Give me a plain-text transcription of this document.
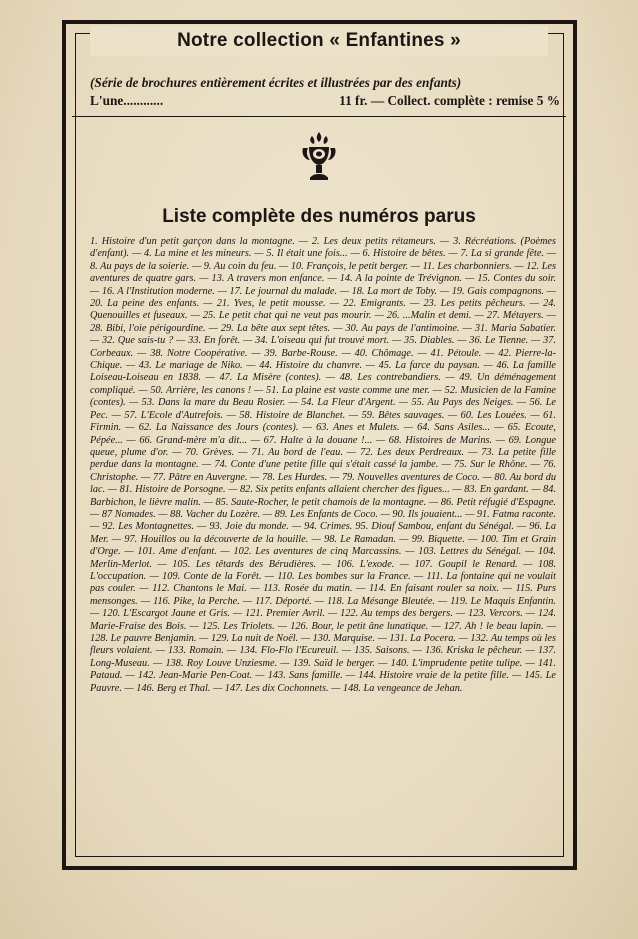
Notre collection « Enfantines »
(Série de brochures entièrement écrites et illustrées par des enfants)
L'une............	11 fr. — Collect. complète : remise 5 %
Liste complète des numéros parus
1. Histoire d'un petit garçon dans la montagne. — 2. Les deux petits rétameurs. — 3. Récréations. (Poèmes d'enfant). — 4. La mine et les mineurs. — 5. Il était une fois... — 6. Histoire de bêtes. — 7. La si grande fête. — 8. Au pays de la soierie. — 9. Au coin du feu. — 10. François, le petit berger. — 11. Les charbonniers. — 12. Les aventures de quatre gars. — 13. A travers mon enfance. — 14. A la pointe de Trévignon. — 15. Contes du soir. — 16. A l'Institution moderne. — 17. Le journal du malade. — 18. La mort de Toby. — 19. Gais compagnons. — 20. La peine des enfants. — 21. Yves, le petit mousse. — 22. Emigrants. — 23. Les petits pêcheurs. — 24. Quenouilles et fuseaux. — 25. Le petit chat qui ne veut pas mourir. — 26. ...Malin et demi. — 27. Métayers. — 28. Bibi, l'oie périgourdine. — 29. La bête aux sept têtes. — 30. Au pays de l'antimoine. — 31. Maria Sabatier. — 32. Que sais-tu ? — 33. En forêt. — 34. L'oiseau qui fut trouvé mort. — 35. Diables. — 36. Le Tienne. — 37. Corbeaux. — 38. Notre Coopérative. — 39. Barbe-Rouse. — 40. Chômage. — 41. Pétoule. — 42. Pierre-la-Chique. — 43. Le mariage de Niko. — 44. Histoire du chanvre. — 45. La farce du paysan. — 46. La famille Loiseau-Loiseau en 1838. — 47. La Misère (contes). — 48. Les contrebandiers. — 49. Un déménagement compliqué. — 50. Arrière, les canons ! — 51. La plaine est vaste comme une mer. — 52. Musicien de la Famine (contes). — 53. Dans la mare du Beau Rosier. — 54. La Fleur d'Argent. — 55. Au Pays des Neiges. — 56. Le Pec. — 57. L'Ecole d'Autrefois. — 58. Histoire de Blanchet. — 59. Bêtes sauvages. — 60. Les Louées. — 61. Firmin. — 62. La Naissance des Jours (contes). — 63. Anes et Mulets. — 64. Sans Asiles... — 65. Ecoute, Pépée... — 66. Grand-mère m'a dit... — 67. Halte à la douane !... — 68. Histoires de Marins. — 69. Longue queue, plume d'or. — 70. Grèves. — 71. Au bord de l'eau. — 72. Les deux Perdreaux. — 73. La petite fille perdue dans la montagne. — 74. Conte d'une petite fille qui s'était cassé la jambe. — 75. Sur le Rhône. — 76. Christophe. — 77. Pâtre en Auvergne. — 78. Les Hurdes. — 79. Nouvelles aventures de Coco. — 80. Au bord du lac. — 81. Histoire de Porsogne. — 82. Six petits enfants allaient chercher des figues... — 83. En gardant. — 84. Barbichon, le lièvre malin. — 85. Saute-Rocher, le petit chamois de la montagne. — 86. Petit réfugié d'Espagne. — 87 Nomades. — 88. Vacher du Lozère. — 89. Les Enfants de Coco. — 90. Ils jouaient... — 91. Fatma raconte. — 92. Les Montagnettes. — 93. Joie du monde. — 94. Crimes. 95. Diouf Sambou, enfant du Sénégal. — 96. La Mer. — 97. Houillos ou la découverte de la houille. — 98. Le Ramadan. — 99. Biquette. — 100. Tim et Grain d'Orge. — 101. Ame d'enfant. — 102. Les aventures de cinq Marcassins. — 103. Lettres du Sénégal. — 104. Merlin-Merlot. — 105. Les têtards des Bérudières. — 106. L'exode. — 107. Goupil le Renard. — 108. L'occupation. — 109. Conte de la Forêt. — 110. Les bombes sur la France. — 111. La fontaine qui ne voulait pas couler. — 112. Chantons le Mai. — 113. Rosée du matin. — 114. En faisant rouler sa noix. — 115. Purs mensonges. — 116. Pike, la Perche. — 117. Déporté. — 118. La Mésange Bleutée. — 119. Le Maquis Enfantin. — 120. L'Escargot Jaune et Gris. — 121. Premier Avril. — 122. Au temps des bergers. — 123. Vercors. — 124. Marie-Fraise des Bois. — 125. Les Triolets. — 126. Bour, le petit âne lunatique. — 127. Ah ! le beau lapin. — 128. Le pauvre Benjamin. — 129. La nuit de Noël. — 130. Marquise. — 131. La Pocera. — 132. Au temps où les fleurs volaient. — 133. Romain. — 134. Flo-Flo l'Ecureuil. — 135. Saisons. — 136. Kriska le pêcheur. — 137. Long-Museau. — 138. Roy Louve Unziesme. — 139. Saïd le berger. — 140. L'imprudente petite tulipe. — 141. Pataud. — 142. Jean-Marie Pen-Coat. — 143. Sans famille. — 144. Histoire vraie de la petite fille. — 145. Le Pauvre. — 146. Berg et Thal. — 147. Les dix Cochonnets. — 148. La vengeance de Jehan.
